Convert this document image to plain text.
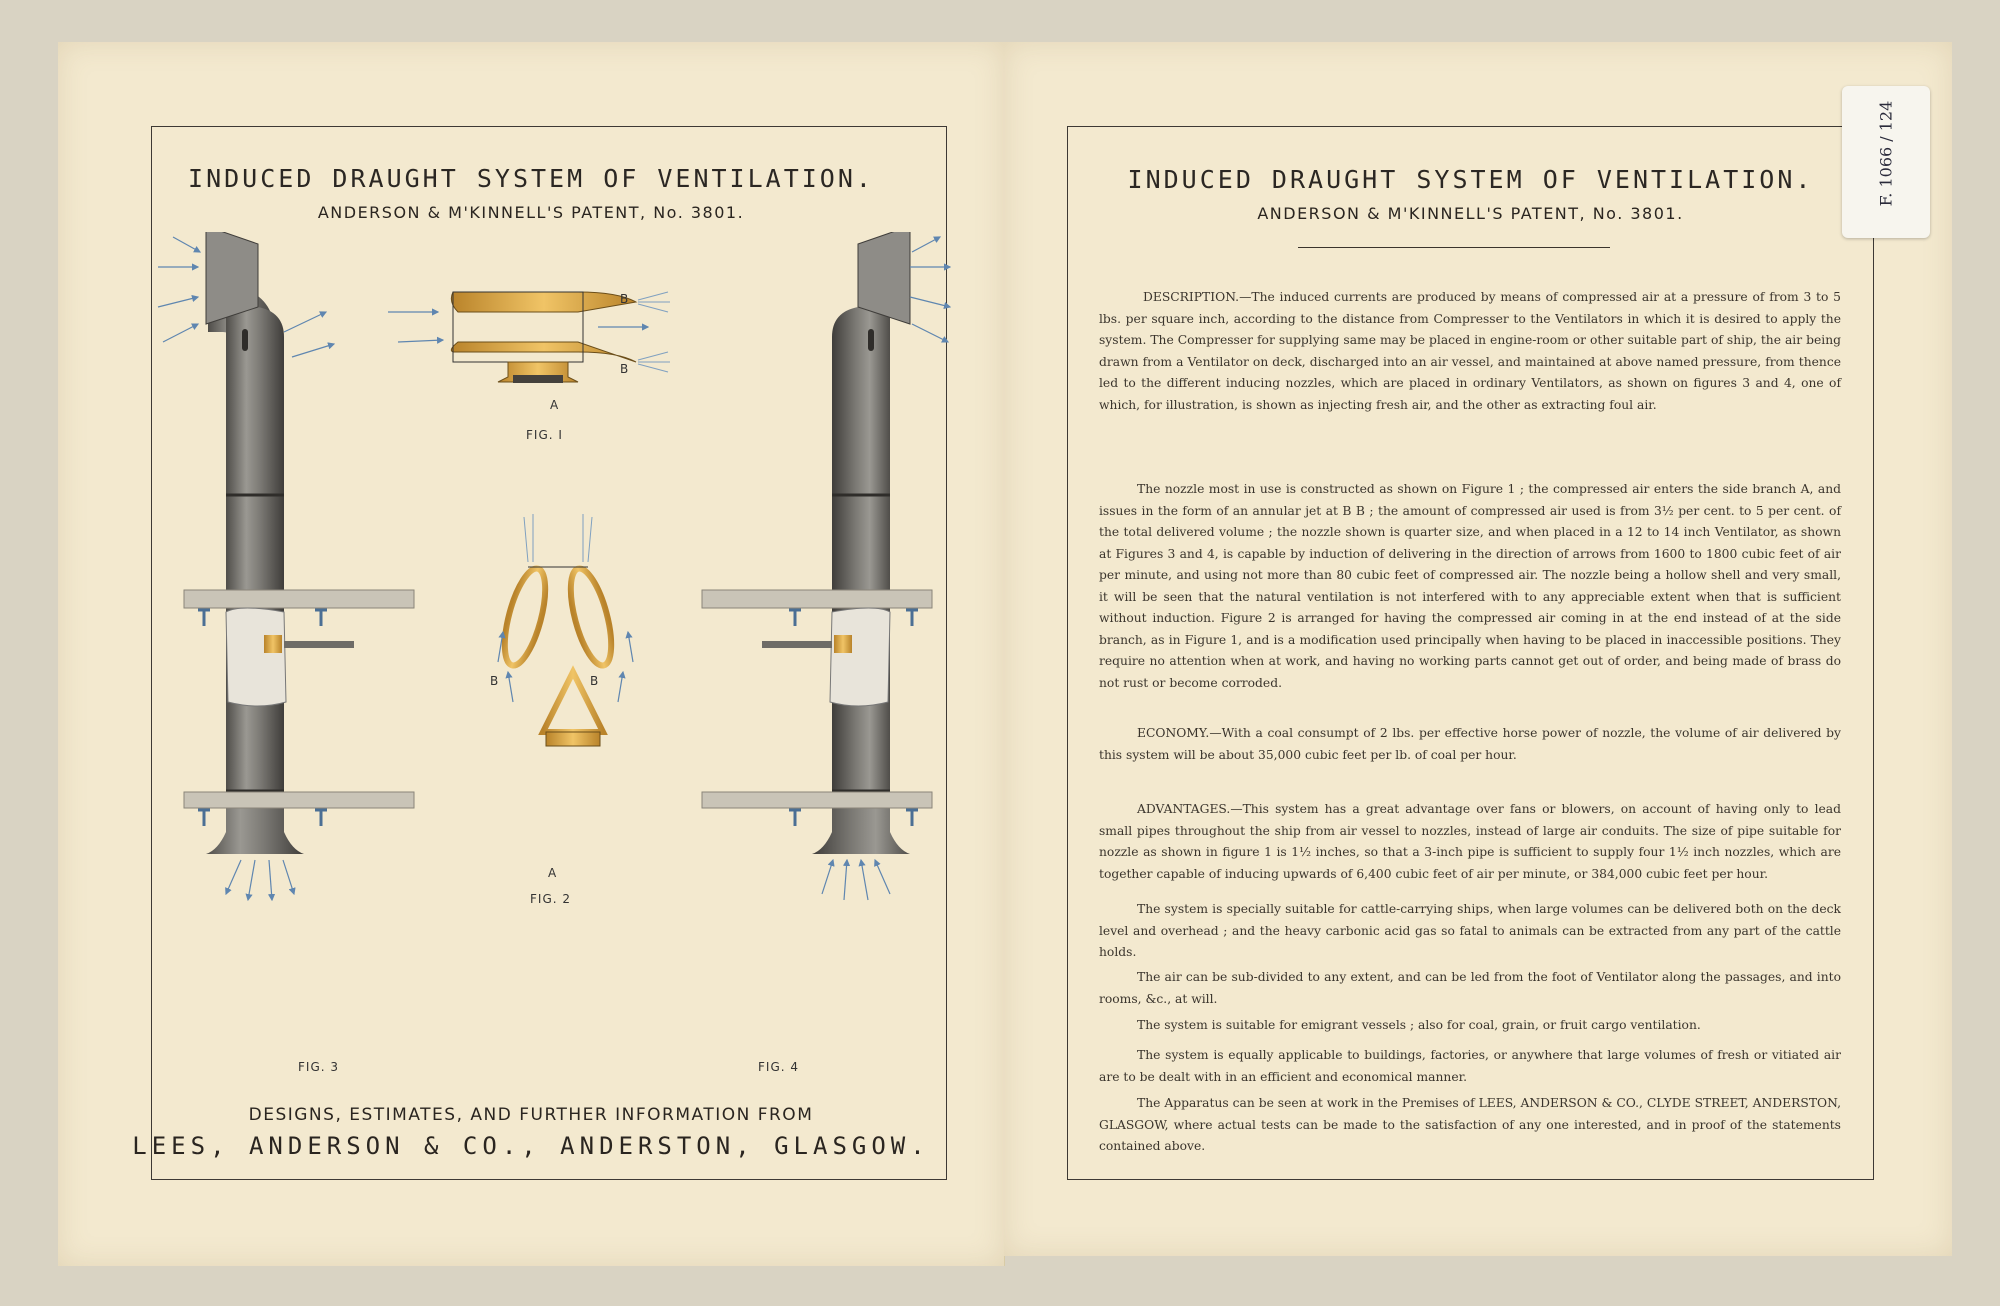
INDUCED DRAUGHT SYSTEM OF VENTILATION.
ANDERSON & M'KINNELL'S PATENT, No. 3801.
A
B
B
FIG. I
B	B
A
FIG. 2
FIG. 3	FIG. 4
DESIGNS, ESTIMATES, AND FURTHER INFORMATION FROM
LEES, ANDERSON & CO., ANDERSTON, GLASGOW.
INDUCED DRAUGHT SYSTEM OF VENTILATION.
ANDERSON & M'KINNELL'S PATENT, No. 3801.

DESCRIPTION.—The induced currents are produced by means of compressed air at a pressure of from 3 to 5 lbs. per square inch, according to the distance from Compresser to the Ventilators in which it is desired to apply the system. The Compresser for supplying same may be placed in engine-room or other suitable part of ship, the air being drawn from a Ventilator on deck, discharged into an air vessel, and maintained at above named pressure, from thence led to the different inducing nozzles, which are placed in ordinary Ventilators, as shown on figures 3 and 4, one of which, for illustration, is shown as injecting fresh air, and the other as extracting foul air.

The nozzle most in use is constructed as shown on Figure 1 ; the compressed air enters the side branch A, and issues in the form of an annular jet at B B ; the amount of compressed air used is from 3½ per cent. to 5 per cent. of the total delivered volume ; the nozzle shown is quarter size, and when placed in a 12 to 14 inch Ventilator, as shown at Figures 3 and 4, is capable by induction of delivering in the direction of arrows from 1600 to 1800 cubic feet of air per minute, and using not more than 80 cubic feet of compressed air. The nozzle being a hollow shell and very small, it will be seen that the natural ventilation is not interfered with to any appreciable extent when that is sufficient without induction. Figure 2 is arranged for having the compressed air coming in at the end instead of at the side branch, as in Figure 1, and is a modification used principally when having to be placed in inaccessible positions. They require no attention when at work, and having no working parts cannot get out of order, and being made of brass do not rust or become corroded.

ECONOMY.—With a coal consumpt of 2 lbs. per effective horse power of nozzle, the volume of air delivered by this system will be about 35,000 cubic feet per lb. of coal per hour.

ADVANTAGES.—This system has a great advantage over fans or blowers, on account of having only to lead small pipes throughout the ship from air vessel to nozzles, instead of large air conduits. The size of pipe suitable for nozzle as shown in figure 1 is 1½ inches, so that a 3-inch pipe is sufficient to supply four 1½ inch nozzles, which are together capable of inducing upwards of 6,400 cubic feet of air per minute, or 384,000 cubic feet per hour.

The system is specially suitable for cattle-carrying ships, when large volumes can be delivered both on the deck level and overhead ; and the heavy carbonic acid gas so fatal to animals can be extracted from any part of the cattle holds.

The air can be sub-divided to any extent, and can be led from the foot of Ventilator along the passages, and into rooms, &c., at will.

The system is suitable for emigrant vessels ; also for coal, grain, or fruit cargo ventilation.

The system is equally applicable to buildings, factories, or anywhere that large volumes of fresh or vitiated air are to be dealt with in an efficient and economical manner.

The Apparatus can be seen at work in the Premises of LEES, ANDERSON & CO., CLYDE STREET, ANDERSTON, GLASGOW, where actual tests can be made to the satisfaction of any one interested, and in proof of the statements contained above.

F. 1066 / 124
